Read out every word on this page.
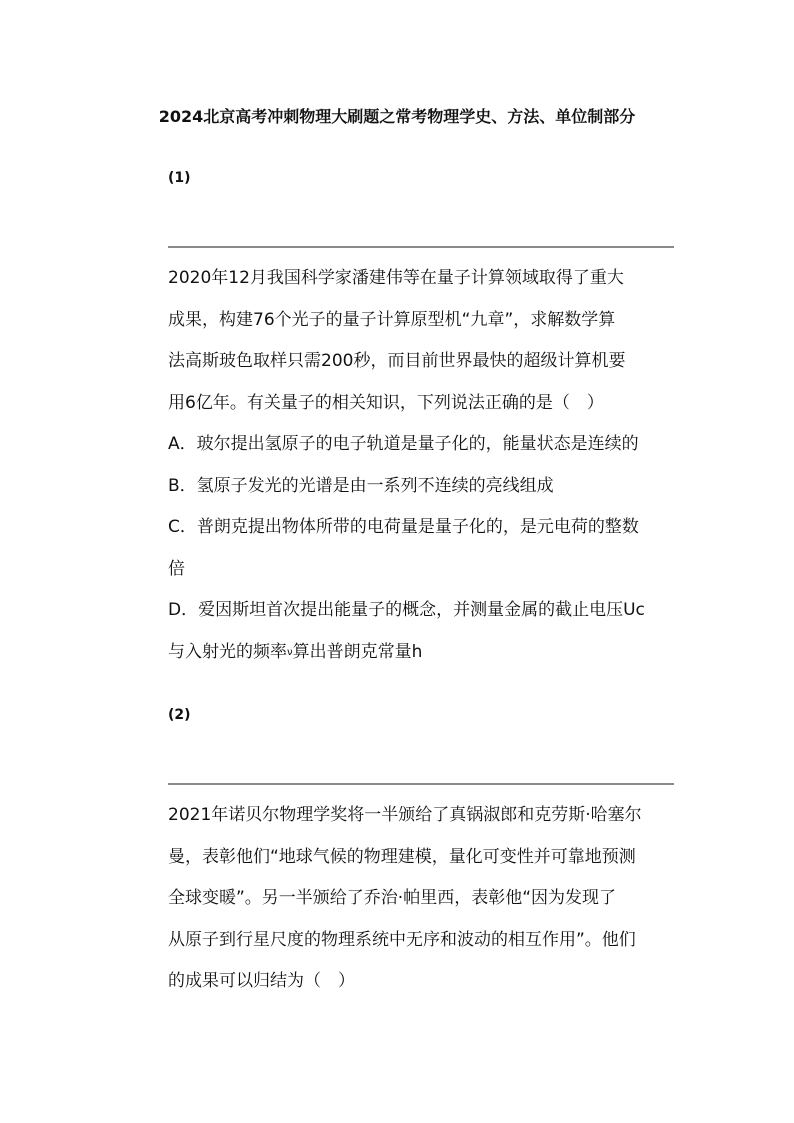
2024北京高考冲刺物理大刷题之常考物理学史、方法、单位制部分
(1)
2020年12月我国科学家潘建伟等在量子计算领域取得了重大
成果，构建76个光子的量子计算原型机“九章”，求解数学算
法高斯玻色取样只需200秒，而目前世界最快的超级计算机要
用6亿年。有关量子的相关知识，下列说法正确的是（　）
A．玻尔提出氢原子的电子轨道是量子化的，能量状态是连续的
B．氢原子发光的光谱是由一系列不连续的亮线组成
C．普朗克提出物体所带的电荷量是量子化的，是元电荷的整数
倍
D．爱因斯坦首次提出能量子的概念，并测量金属的截止电压Uc
与入射光的频率ν算出普朗克常量h
(2)
2021年诺贝尔物理学奖将一半颁给了真锅淑郎和克劳斯·哈塞尔
曼，表彰他们“地球气候的物理建模，量化可变性并可靠地预测
全球变暖”。另一半颁给了乔治·帕里西，表彰他“因为发现了
从原子到行星尺度的物理系统中无序和波动的相互作用”。他们
的成果可以归结为（　）
